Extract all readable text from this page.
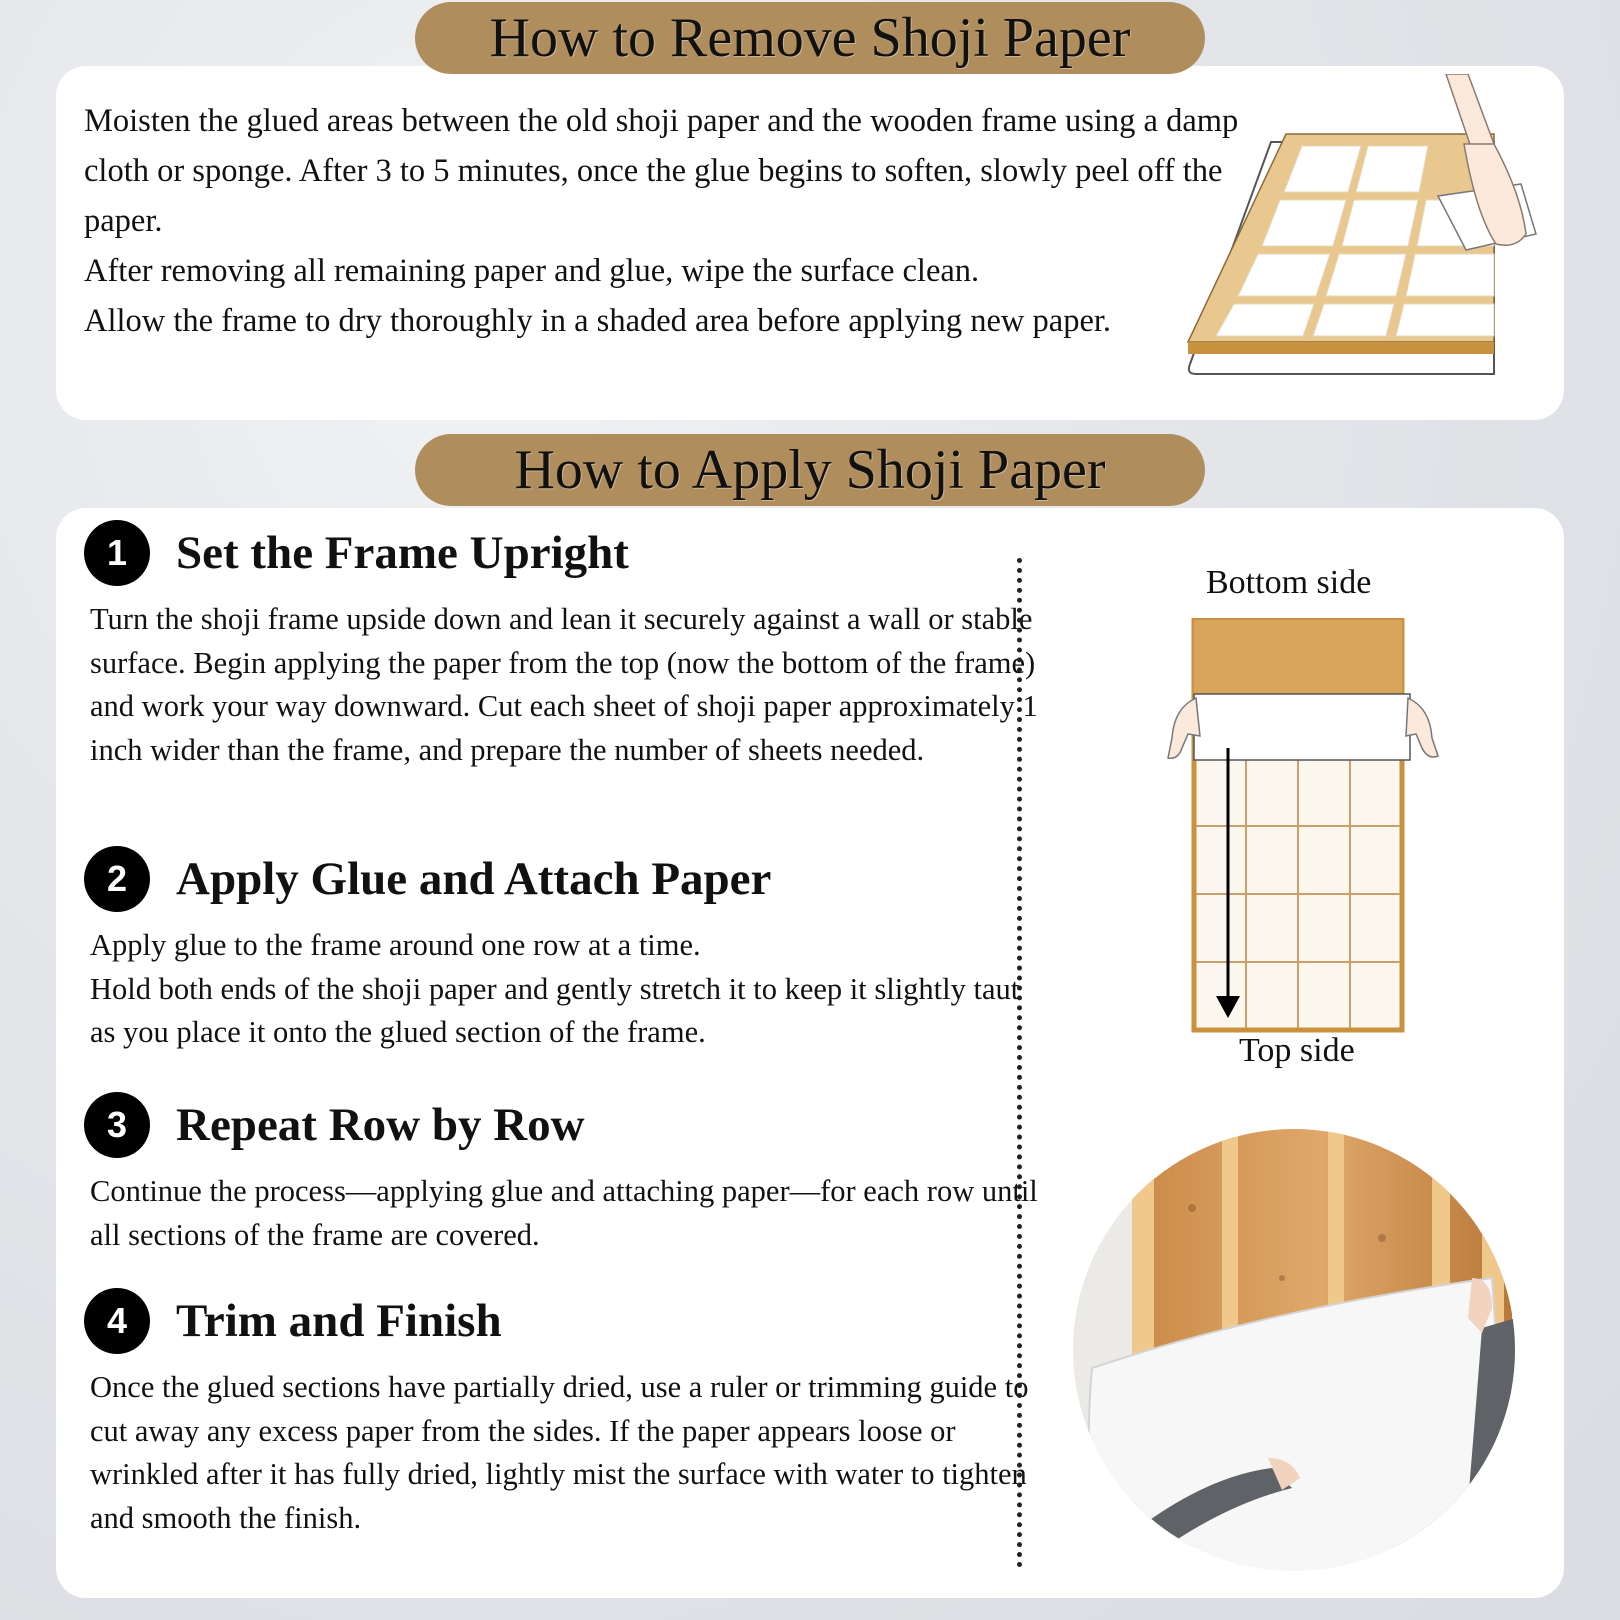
How to Remove Shoji Paper

Moisten the glued areas between the old shoji paper and the wooden frame using a damp cloth or sponge. After 3 to 5 minutes, once the glue begins to soften, slowly peel off the paper.

After removing all remaining paper and glue, wipe the surface clean.

Allow the frame to dry thoroughly in a shaded area before applying new paper.

How to Apply Shoji Paper
1	Set the Frame Upright

Turn the shoji frame upside down and lean it securely against a wall or stable surface. Begin applying the paper from the top (now the bottom of the frame) and work your way downward. Cut each sheet of shoji paper approximately 1 inch wider than the frame, and prepare the number of sheets needed.

2	Apply Glue and Attach Paper

Apply glue to the frame around one row at a time.

Hold both ends of the shoji paper and gently stretch it to keep it slightly taut as you place it onto the glued section of the frame.

3	Repeat Row by Row

Continue the process—applying glue and attaching paper—for each row until all sections of the frame are covered.

4	Trim and Finish

Once the glued sections have partially dried, use a ruler or trimming guide to cut away any excess paper from the sides. If the paper appears loose or wrinkled after it has fully dried, lightly mist the surface with water to tighten and smooth the finish.

Bottom side
Top side
